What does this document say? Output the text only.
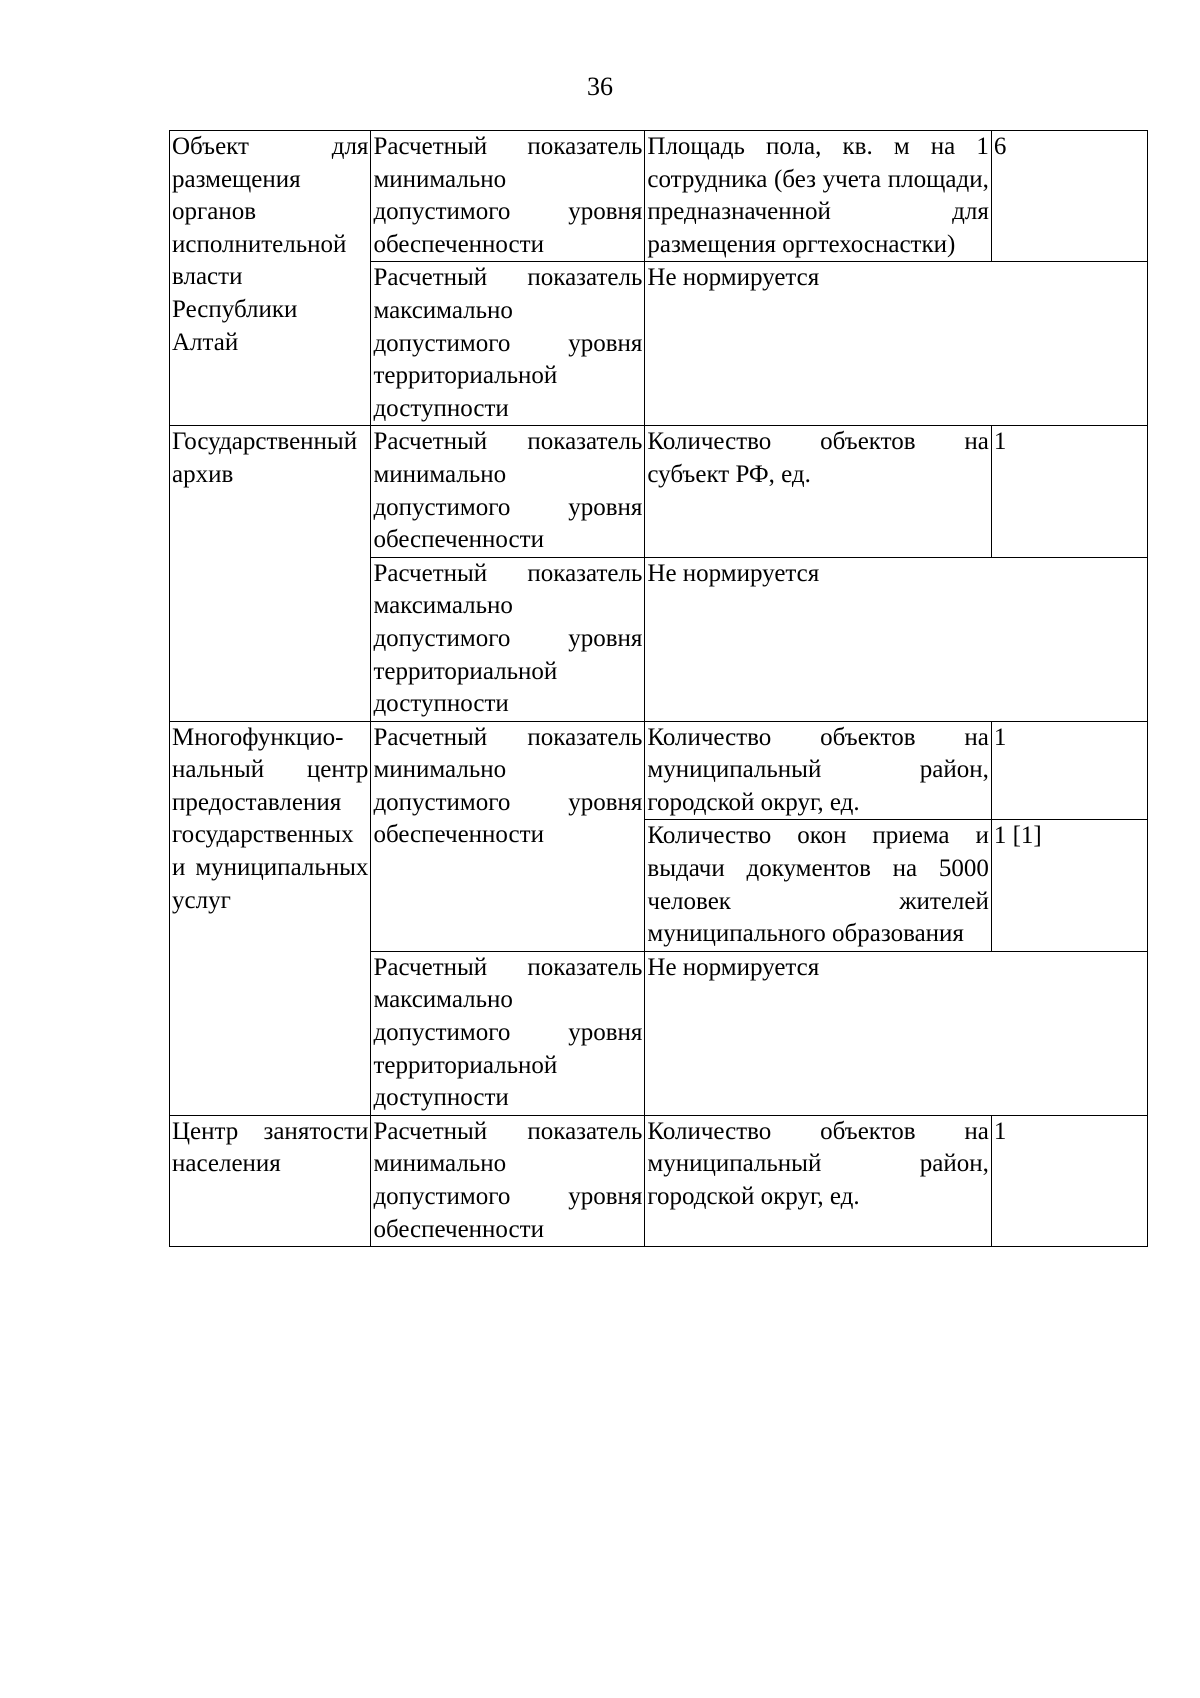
36
Объект для размещения органов исполнительной власти Республики Алтай	Расчетный показатель минимально допустимого уровня обеспеченности	Площадь пола, кв. м на 1 сотрудника (без учета площади, предназначенной для размещения оргтехоснастки)	6
	Расчетный показатель максимально допустимого уровня территориальной доступности	Не нормируется	
Государственный архив	Расчетный показатель минимально допустимого уровня обеспеченности	Количество объектов на субъект РФ, ед.	1
	Расчетный показатель максимально допустимого уровня территориальной доступности	Не нормируется	
Многофункциональный центр предоставления государственных и муниципальных услуг	Расчетный показатель минимально допустимого уровня обеспеченности	Количество объектов на муниципальный район, городской округ, ед.	1
		Количество окон приема и выдачи документов на 5000 человек жителей муниципального образования	1 [1]
	Расчетный показатель максимально допустимого уровня территориальной доступности	Не нормируется	
Центр занятости населения	Расчетный показатель минимально допустимого уровня обеспеченности	Количество объектов на муниципальный район, городской округ, ед.	1
